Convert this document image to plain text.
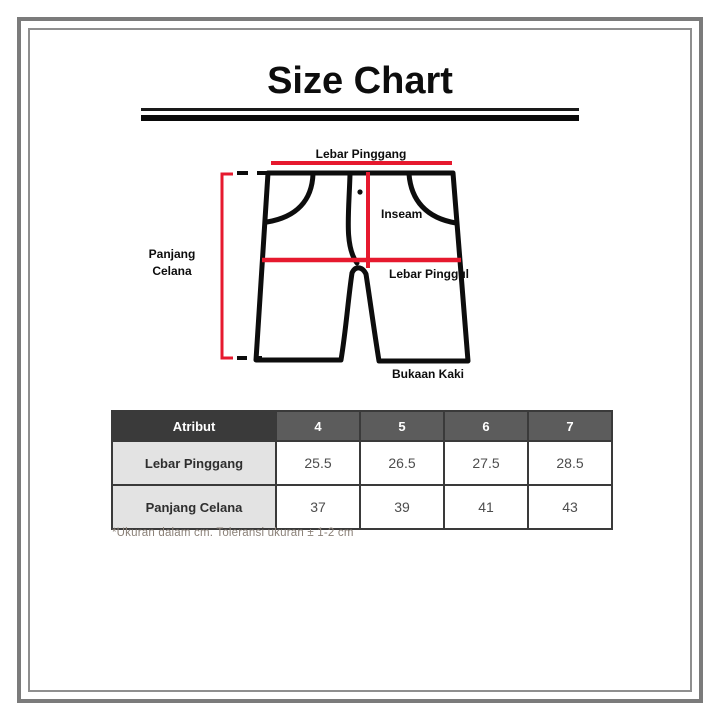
Size Chart
Lebar Pinggang
Inseam
Lebar Pinggul
Panjang
Celana
Bukaan Kaki
Atribut	4	5	6	7
Lebar Pinggang	25.5	26.5	27.5	28.5
Panjang Celana	37	39	41	43
*Ukuran dalam cm. Toleransi ukuran ± 1-2 cm
